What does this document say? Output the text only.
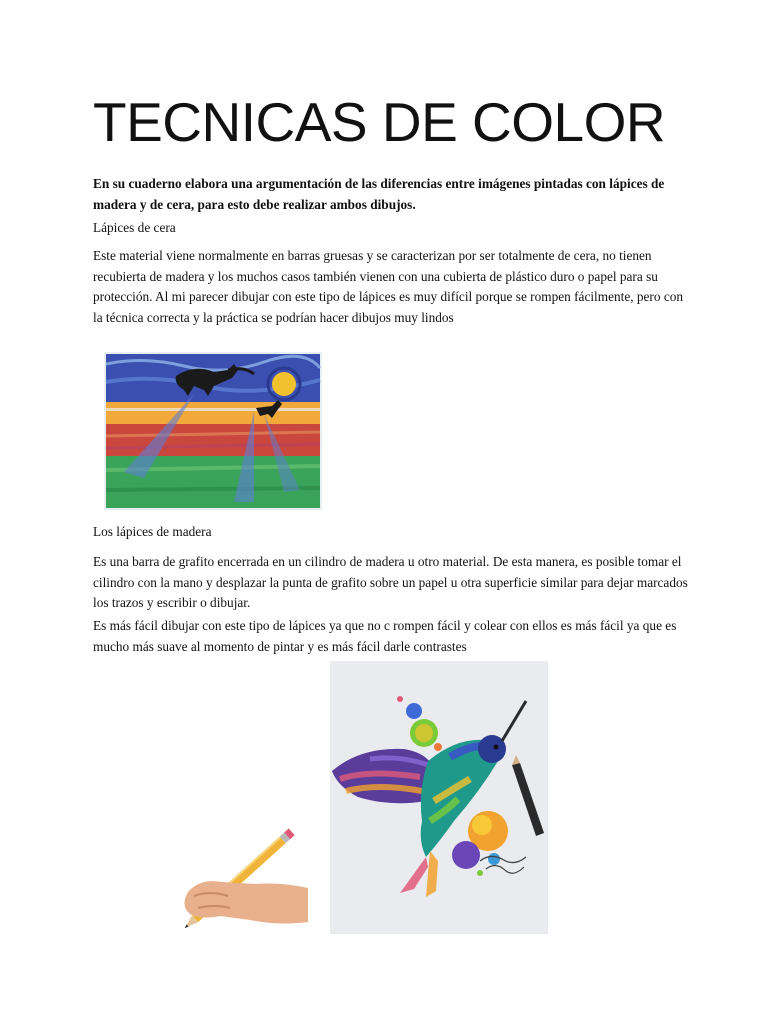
TECNICAS DE COLOR

En su cuaderno elabora una argumentación de las diferencias entre imágenes pintadas con lápices de madera y de cera, para esto debe realizar ambos dibujos.

Lápices de cera

Este material viene normalmente en barras gruesas y se caracterizan por ser totalmente de cera, no tienen recubierta de madera y los muchos casos también vienen con una cubierta de plástico duro o papel para su protección. Al mi parecer dibujar con este tipo de lápices es muy difícil porque se rompen fácilmente, pero con la técnica correcta y la práctica se podrían hacer dibujos muy lindos

Los lápices de madera

Es una barra de grafito encerrada en un cilindro de madera u otro material. De esta manera, es posible tomar el cilindro con la mano y desplazar la punta de grafito sobre un papel u otra superficie similar para dejar marcados los trazos y escribir o dibujar.

Es más fácil dibujar con este tipo de lápices ya que no c rompen fácil y colear con ellos es más fácil ya que es mucho más suave al momento de pintar y es más fácil darle contrastes
